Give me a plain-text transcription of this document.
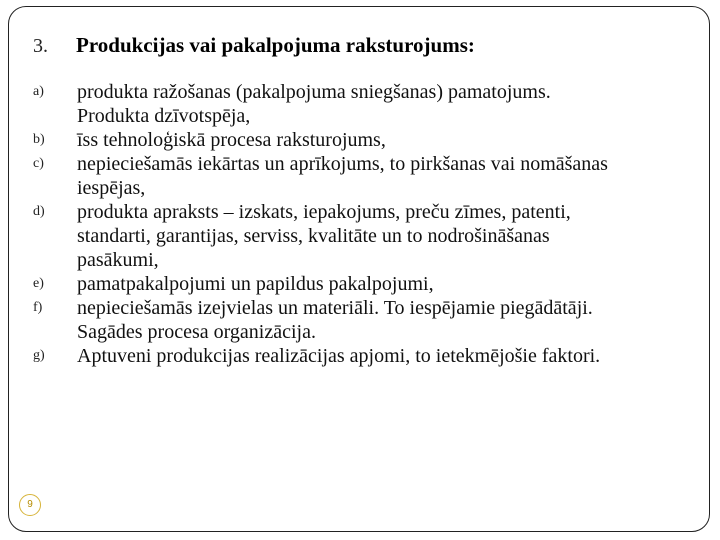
3. Produkcijas vai pakalpojuma raksturojums:
a) produkta ražošanas (pakalpojuma sniegšanas) pamatojums.
Produkta dzīvotspēja,
b) īss tehnoloģiskā procesa raksturojums,
c) nepieciešamās iekārtas un aprīkojums, to pirkšanas vai nomāšanas
iespējas,
d) produkta apraksts – izskats, iepakojums, preču zīmes, patenti,
standarti, garantijas, serviss, kvalitāte un to nodrošināšanas
pasākumi,
e) pamatpakalpojumi un papildus pakalpojumi,
f) nepieciešamās izejvielas un materiāli. To iespējamie piegādātāji.
Sagādes procesa organizācija.
g) Aptuveni produkcijas realizācijas apjomi, to ietekmējošie faktori.
9
